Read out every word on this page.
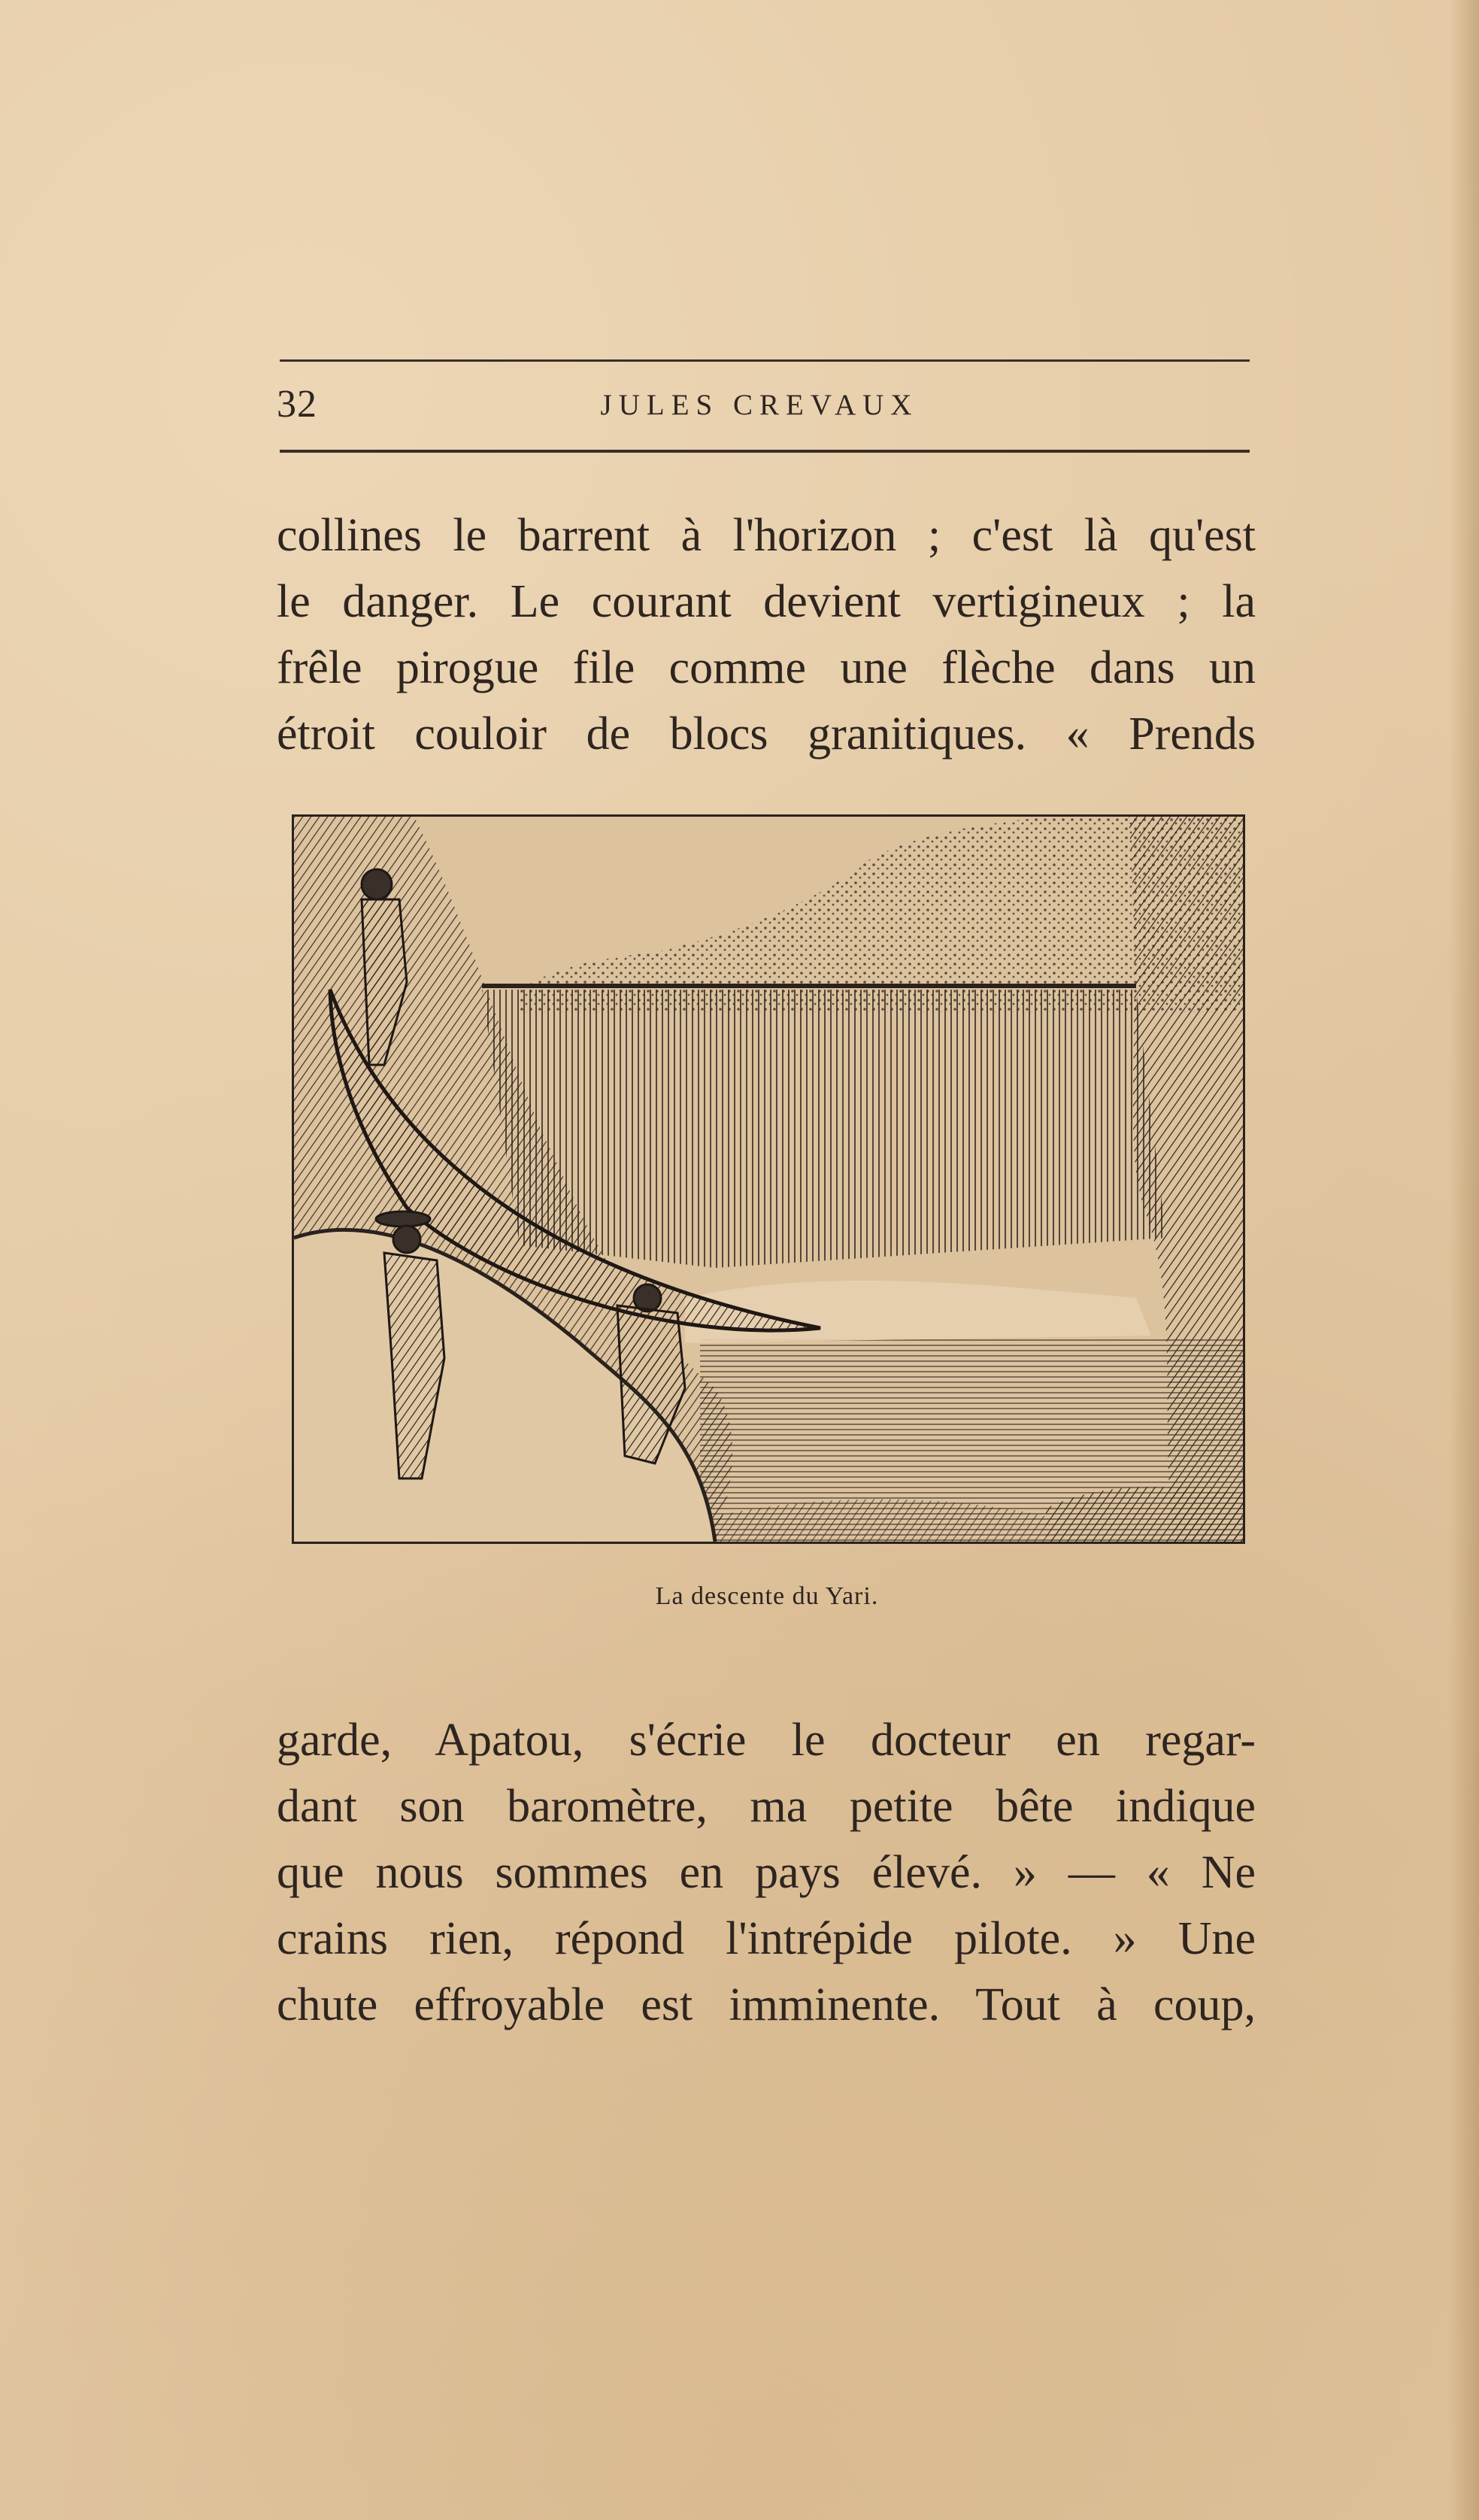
32	JULES CREVAUX
collines le barrent à l'horizon ; c'est là qu'est
le danger. Le courant devient vertigineux ; la
frêle pirogue file comme une flèche dans un
étroit couloir de blocs granitiques. « Prends
La descente du Yari.
garde, Apatou, s'écrie le docteur en regar-
dant son baromètre, ma petite bête indique
que nous sommes en pays élevé. » — « Ne
crains rien, répond l'intrépide pilote. » Une
chute effroyable est imminente. Tout à coup,
